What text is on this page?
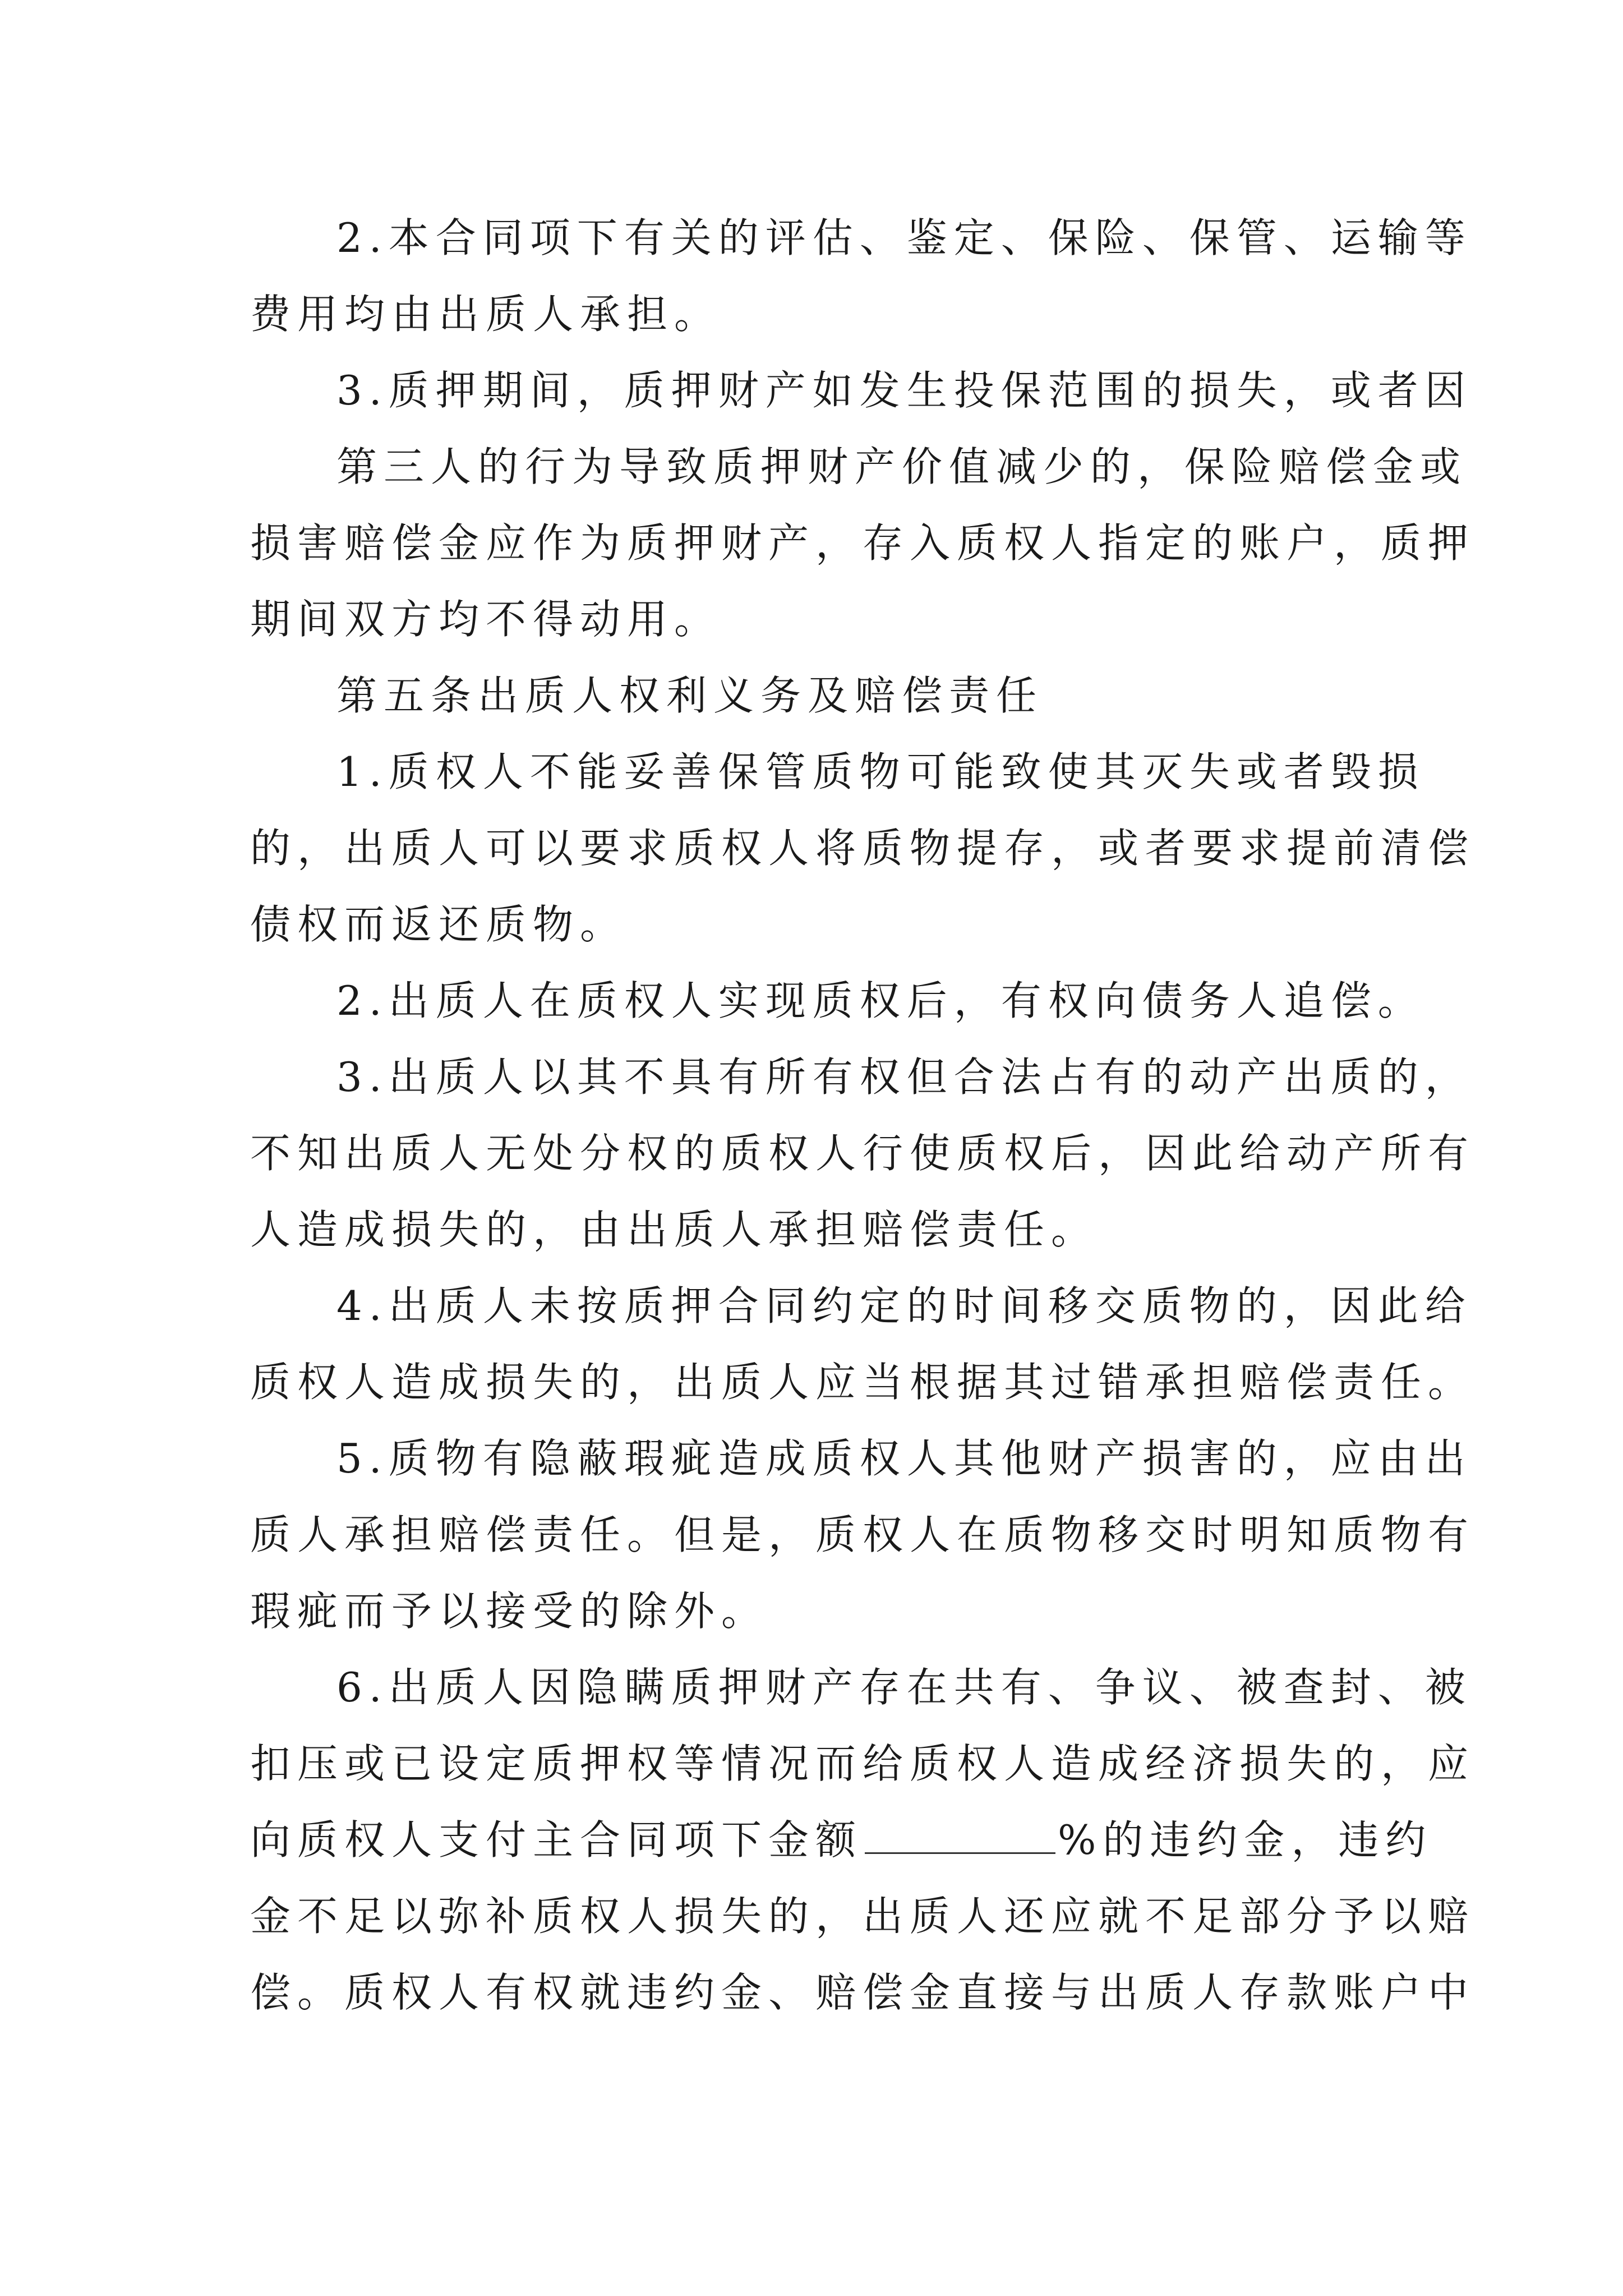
2.本合同项下有关的评估、鉴定、保险、保管、运输等
费用均由出质人承担。
3.质押期间，质押财产如发生投保范围的损失，或者因
第三人的行为导致质押财产价值减少的，保险赔偿金或
损害赔偿金应作为质押财产，存入质权人指定的账户，质押
期间双方均不得动用。
第五条出质人权利义务及赔偿责任
1.质权人不能妥善保管质物可能致使其灭失或者毁损
的，出质人可以要求质权人将质物提存，或者要求提前清偿
债权而返还质物。
2.出质人在质权人实现质权后，有权向债务人追偿。
3.出质人以其不具有所有权但合法占有的动产出质的，
不知出质人无处分权的质权人行使质权后，因此给动产所有
人造成损失的，由出质人承担赔偿责任。
4.出质人未按质押合同约定的时间移交质物的，因此给
质权人造成损失的，出质人应当根据其过错承担赔偿责任。
5.质物有隐蔽瑕疵造成质权人其他财产损害的，应由出
质人承担赔偿责任。但是，质权人在质物移交时明知质物有
瑕疵而予以接受的除外。
6.出质人因隐瞒质押财产存在共有、争议、被查封、被
扣压或已设定质押权等情况而给质权人造成经济损失的，应
向质权人支付主合同项下金额	%的违约金，违约
金不足以弥补质权人损失的，出质人还应就不足部分予以赔
偿。质权人有权就违约金、赔偿金直接与出质人存款账户中
